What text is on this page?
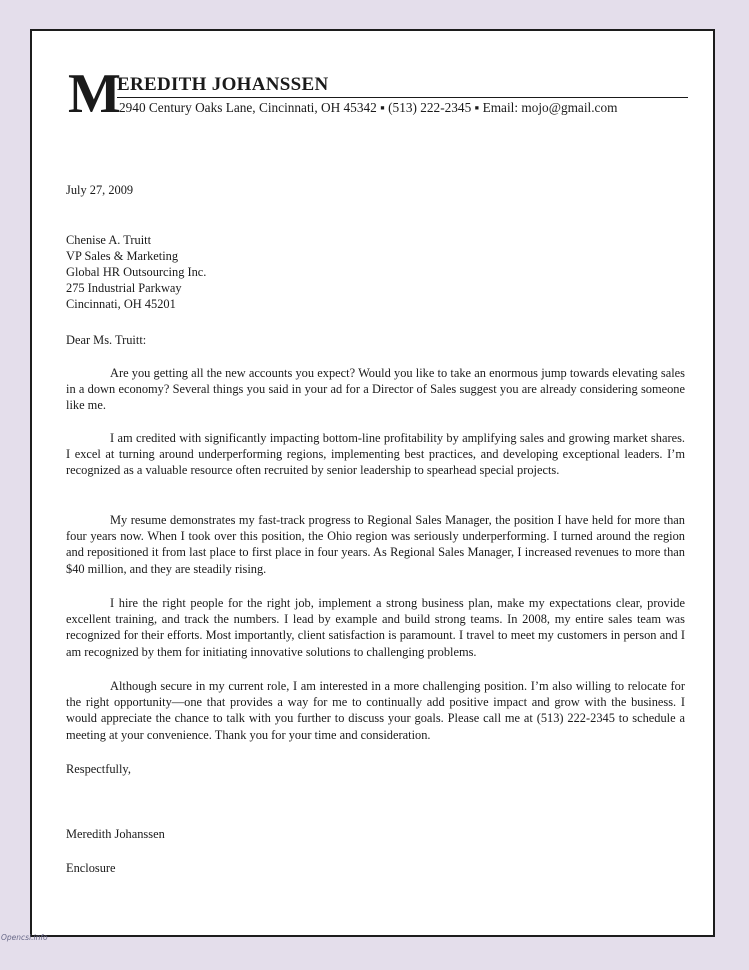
M
EREDITH JOHANSSEN
2940 Century Oaks Lane, Cincinnati, OH 45342 ▪ (513) 222-2345 ▪ Email: mojo@gmail.com
July 27, 2009
Chenise A. Truitt
VP Sales & Marketing
Global HR Outsourcing Inc.
275 Industrial Parkway
Cincinnati, OH 45201
Dear Ms. Truitt:
Are you getting all the new accounts you expect? Would you like to take an enormous jump towards elevating sales in a down economy? Several things you said in your ad for a Director of Sales suggest you are already considering someone like me.
I am credited with significantly impacting bottom-line profitability by amplifying sales and growing market shares. I excel at turning around underperforming regions, implementing best practices, and developing exceptional leaders. I’m recognized as a valuable resource often recruited by senior leadership to spearhead special projects.
My resume demonstrates my fast-track progress to Regional Sales Manager, the position I have held for more than four years now. When I took over this position, the Ohio region was seriously underperforming. I turned around the region and repositioned it from last place to first place in four years. As Regional Sales Manager, I increased revenues to more than $40 million, and they are steadily rising.
I hire the right people for the right job, implement a strong business plan, make my expectations clear, provide excellent training, and track the numbers. I lead by example and build strong teams. In 2008, my entire sales team was recognized for their efforts. Most importantly, client satisfaction is paramount. I travel to meet my customers in person and I am recognized by them for initiating innovative solutions to challenging problems.
Although secure in my current role, I am interested in a more challenging position. I’m also willing to relocate for the right opportunity—one that provides a way for me to continually add positive impact and grow with the business. I would appreciate the chance to talk with you further to discuss your goals. Please call me at (513) 222-2345 to schedule a meeting at your convenience. Thank you for your time and consideration.
Respectfully,
Meredith Johanssen
Enclosure
Opencsi.info
